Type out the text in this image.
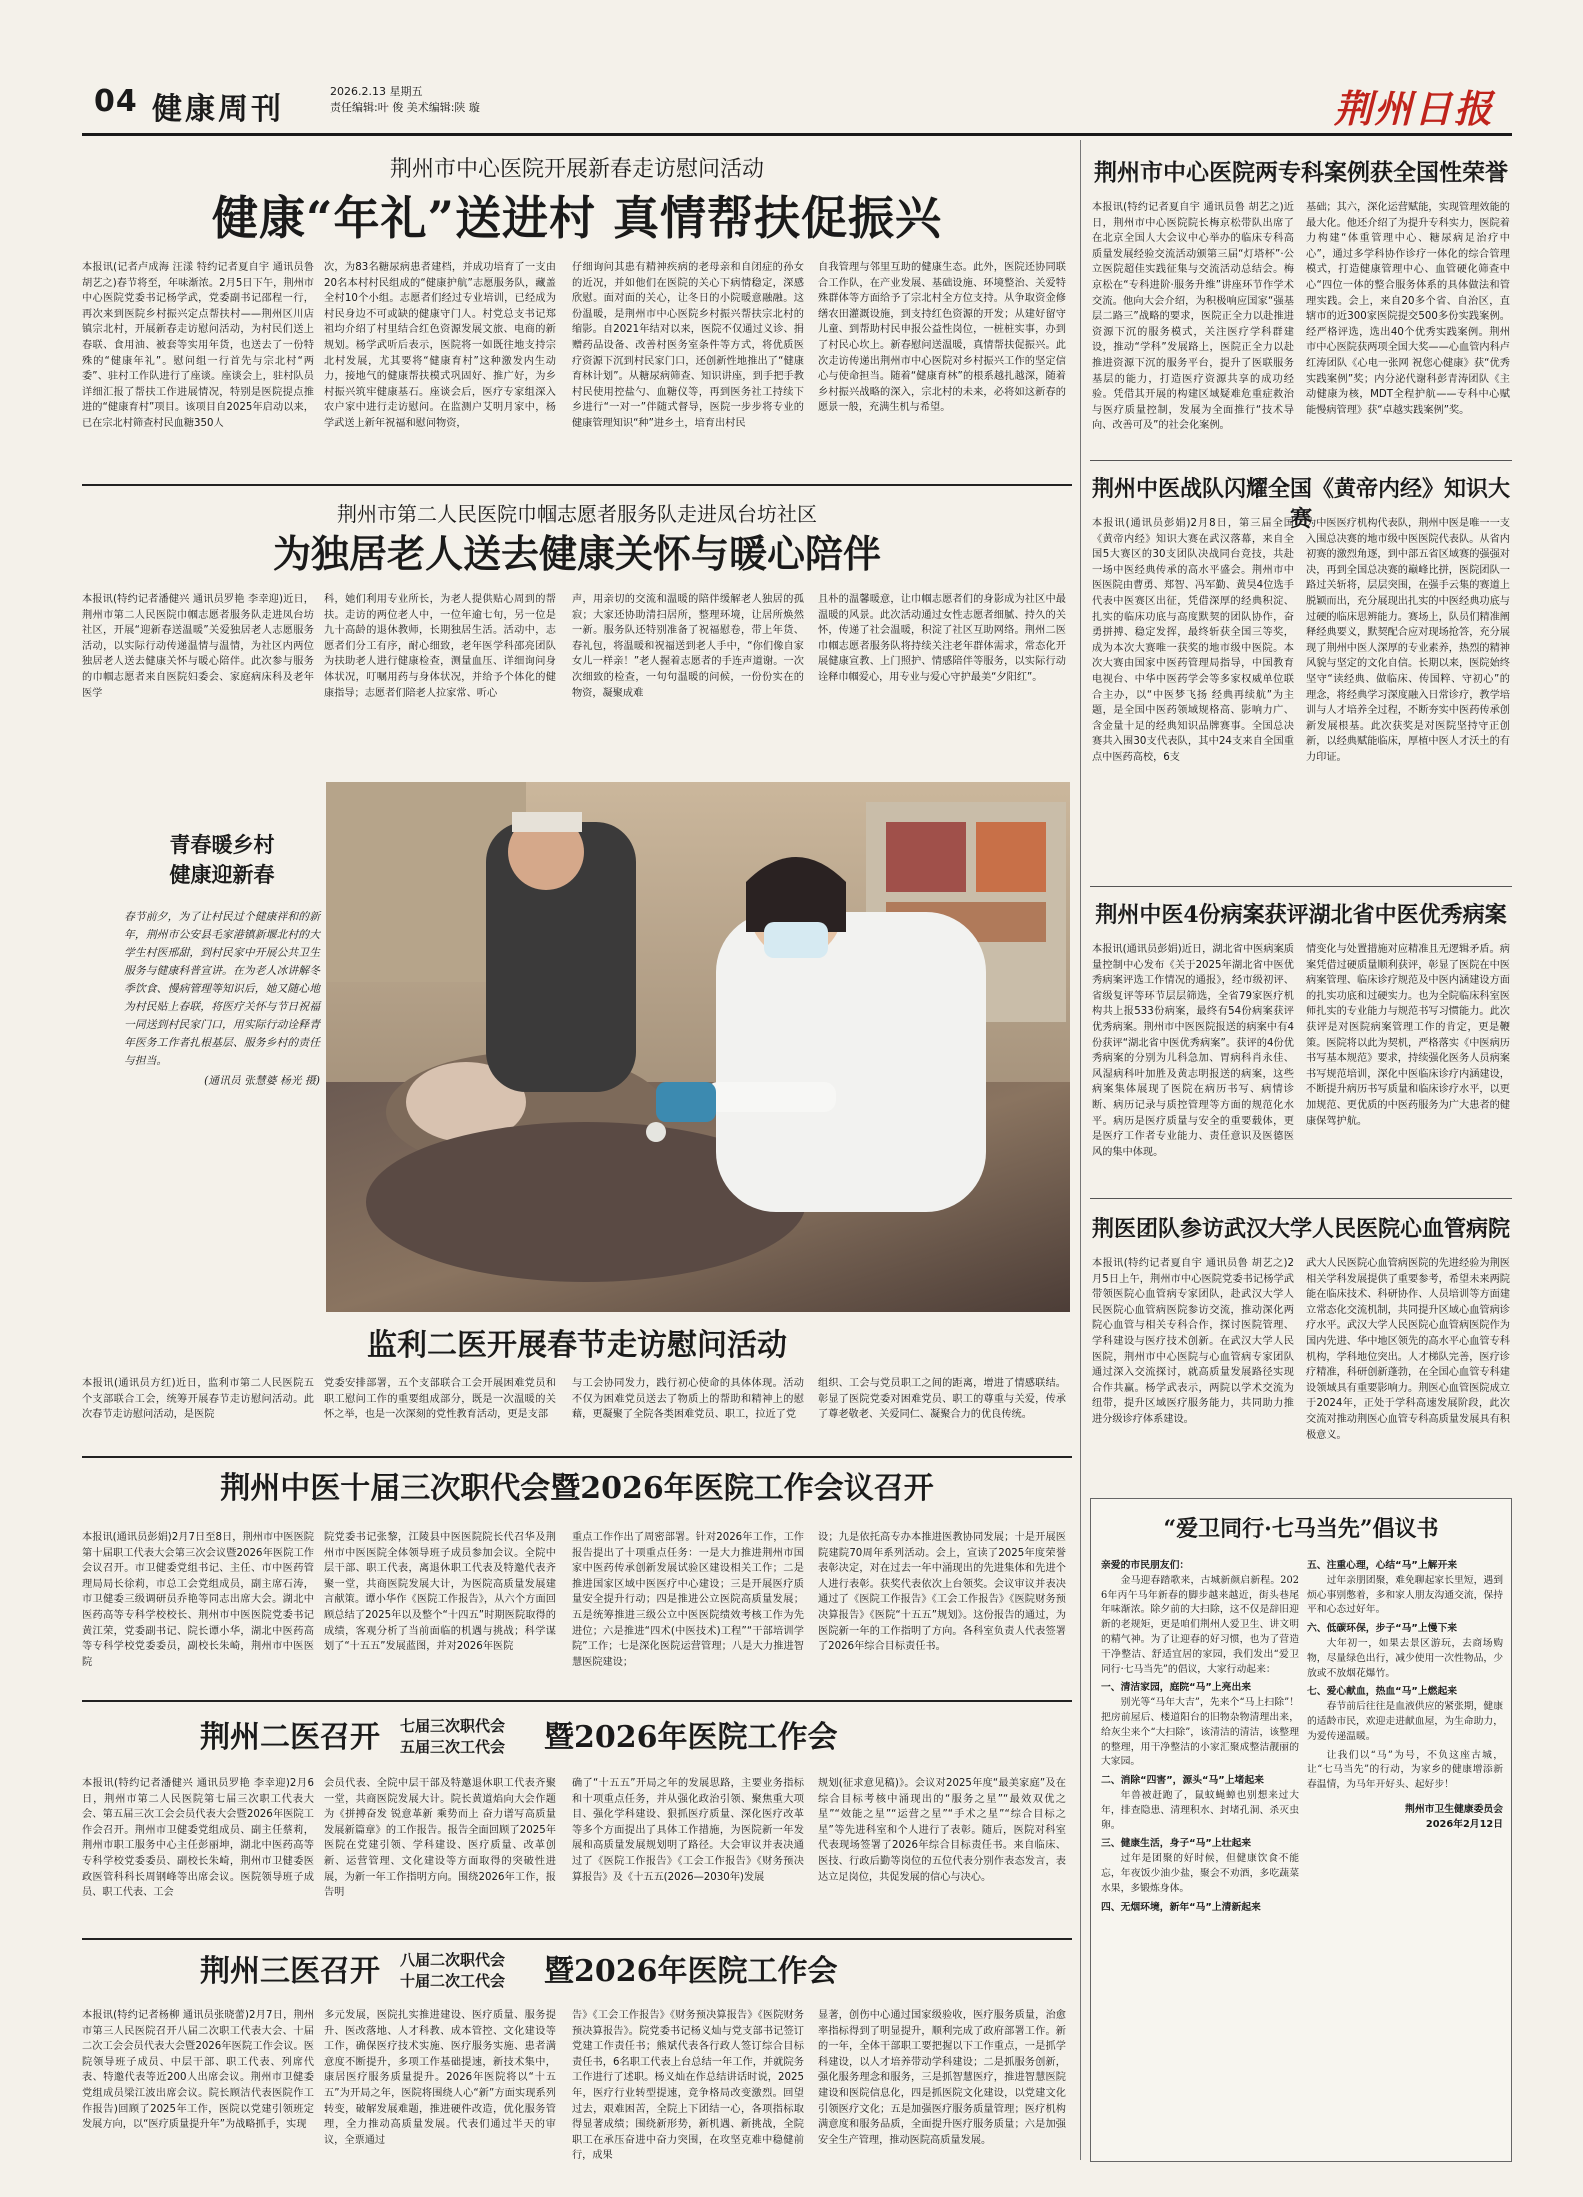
04 健康周刊
2026.2.13 星期五
责任编辑:叶 俊 美术编辑:陕 璇	荆州日报
荆州市中心医院开展新春走访慰问活动
健康“年礼”送进村 真情帮扶促振兴
本报讯(记者卢成海 汪漾 特约记者夏自宇 通讯员鲁 胡艺之)春节将至，年味渐浓。2月5日下午，荆州市中心医院党委书记杨学武，党委副书记邵程一行，再次来到医院乡村振兴定点帮扶村——荆州区川店镇宗北村，开展新春走访慰问活动，为村民们送上春联、食用油、被套等实用年货，也送去了一份特殊的“健康年礼”。慰问组一行首先与宗北村“两委”、驻村工作队进行了座谈。座谈会上，驻村队员详细汇报了帮扶工作进展情况，特别是医院提点推进的“健康育村”项目。该项目自2025年启动以来，已在宗北村筛查村民血糖350人
次，为83名糖尿病患者建档，并成功培育了一支由20名本村村民组成的“健康护航”志愿服务队，藏盖全村10个小组。志愿者们经过专业培训，已经成为村民身边不可或缺的健康守门人。村党总支书记郑祖均介绍了村里结合红色资源发展文旅、电商的新规划。杨学武听后表示，医院将一如既往地支持宗北村发展，尤其要将“健康育村”这种激发内生动力，接地气的健康帮扶模式巩固好、推广好，为乡村振兴筑牢健康基石。座谈会后，医疗专家组深入农户家中进行走访慰问。在监测户艾明月家中，杨学武送上新年祝福和慰问物资，
仔细询问其患有精神疾病的老母亲和自闭症的孙女的近况，并如他们在医院的关心下病情稳定，深感欣慰。面对面的关心，让冬日的小院暖意融融。这份温暖，是荆州市中心医院乡村振兴帮扶宗北村的缩影。自2021年结对以来，医院不仅通过义诊、捐赠药品设备、改善村医务室条件等方式，将优质医疗资源下沉到村民家门口，还创新性地推出了“健康育林计划”。从糖尿病筛查、知识讲座，到手把手教村民使用控盐勺、血糖仪等，再到医务社工持续下乡进行“一对一”伴随式督导，医院一步步将专业的健康管理知识“种”进乡土，培育出村民
自我管理与邻里互助的健康生态。此外，医院还协同联合工作队，在产业发展、基础设施、环境整治、关爱特殊群体等方面给予了宗北村全方位支持。从争取资金修缮农田灌溉设施，到支持红色资源的开发；从建好留守儿童、到帮助村民申报公益性岗位，一桩桩实事，办到了村民心坎上。新春慰问送温暖，真情帮扶促振兴。此次走访传递出荆州市中心医院对乡村振兴工作的坚定信心与使命担当。随着“健康育林”的根系越扎越深，随着乡村振兴战略的深入，宗北村的未来，必将如这新春的愿景一般，充满生机与希望。
荆州市第二人民医院巾帼志愿者服务队走进凤台坊社区
为独居老人送去健康关怀与暖心陪伴
本报讯(特约记者潘健兴 通讯员罗艳 李幸迎)近日，荆州市第二人民医院巾帼志愿者服务队走进凤台坊社区，开展“迎新春送温暖”关爱独居老人志愿服务活动，以实际行动传递温情与温情，为社区内两位独居老人送去健康关怀与暖心陪伴。此次参与服务的巾帼志愿者来自医院妇委会、家庭病床科及老年医学
科，她们利用专业所长，为老人提供贴心周到的帮扶。走访的两位老人中，一位年逾七旬，另一位是九十高龄的退休教师，长期独居生活。活动中，志愿者们分工有序，耐心细致，老年医学科邵亮团队为扶助老人进行健康检查，测量血压、详细询问身体状况，叮嘱用药与身体状况，并给予个体化的健康指导；志愿者们陪老人拉家常、听心
声，用亲切的交流和温暖的陪伴缓解老人独居的孤寂；大家还协助清扫居所，整理环境，让居所焕然一新。服务队还特别准备了祝福慰卷，带上年货、春礼包，将温暖和祝福送到老人手中，“你们像自家女儿一样亲！”老人握着志愿者的手连声道谢。一次次细致的检查，一句句温暖的问候，一份份实在的物资，凝聚成难
且朴的温馨暖意，让巾帼志愿者们的身影成为社区中最温暖的风景。此次活动通过女性志愿者细腻、持久的关怀，传递了社会温暖，积淀了社区互助网络。荆州二医巾帼志愿者服务队将持续关注老年群体需求，常态化开展健康宣教、上门照护、情感陪伴等服务，以实际行动诠释巾帼爱心，用专业与爱心守护最美“夕阳红”。
青春暖乡村
健康迎新春
春节前夕，为了让村民过个健康祥和的新年，荆州市公安县毛家港镇新堰北村的大学生村医邢甜，到村民家中开展公共卫生服务与健康科普宣讲。在为老人冰讲解冬季饮食、慢病管理等知识后，她又随心地为村民贴上春联，将医疗关怀与节日祝福一同送到村民家门口，用实际行动诠释青年医务工作者扎根基层、服务乡村的责任与担当。
(通讯员 张慧婆 杨光 摄)
监利二医开展春节走访慰问活动
本报讯(通讯员方红)近日，监利市第二人民医院五个支部联合工会，统筹开展春节走访慰问活动。此次春节走访慰问活动，是医院
党委安排部署，五个支部联合工会开展困难党员和职工慰问工作的重要组成部分，既是一次温暖的关怀之举，也是一次深刻的党性教育活动，更是支部
与工会协同发力，践行初心使命的具体体现。活动不仅为困难党员送去了物质上的帮助和精神上的慰藉，更凝聚了全院各类困难党员、职工，拉近了党
组织、工会与党员职工之间的距离，增进了情感联结。彰显了医院党委对困难党员、职工的尊重与关爱，传承了尊老敬老、关爱同仁、凝聚合力的优良传统。
荆州中医十届三次职代会暨2026年医院工作会议召开
本报讯(通讯员彭娟)2月7日至8日，荆州市中医医院第十届职工代表大会第三次会议暨2026年医院工作会议召开。市卫健委党组书记、主任、市中医药管理局局长徐莉，市总工会党组成员，副主席石涛，市卫健委三级调研员乔艳等同志出席大会。湖北中医药高等专科学校校长、荆州市中医医院党委书记黄江荣，党委副书记、院长谭小华，湖北中医药高等专科学校党委委员，副校长朱崎，荆州市中医医院
院党委书记张黎，江陵县中医医院院长代召华及荆州市中医医院全体领导班子成员参加会议。全院中层干部、职工代表，离退休职工代表及特邀代表齐聚一堂，共商医院发展大计，为医院高质量发展建言献策。谭小华作《医院工作报告》，从六个方面回顾总结了2025年以及整个“十四五”时期医院取得的成绩，客观分析了当前面临的机遇与挑战；科学谋划了“十五五”发展蓝图，并对2026年医院
重点工作作出了周密部署。针对2026年工作，工作报告提出了十项重点任务：一是大力推进荆州市国家中医药传承创新发展试验区建设相关工作；二是推进国家区域中医医疗中心建设；三是开展医疗质量安全提升行动；四是推进公立医院高质量发展；五是统筹推进三级公立中医医院绩效考核工作为先进位；六是推进“四术(中医技术)工程”“干部培训学院”工作；七是深化医院运营管理；八是大力推进智慧医院建设；
设；九是依托高专办本推进医教协同发展；十是开展医院建院70周年系列活动。会上，宣读了2025年度荣誉表彰决定，对在过去一年中涌现出的先进集体和先进个人进行表彰。获奖代表依次上台领奖。会议审议并表决通过了《医院工作报告》《工会工作报告》《医院财务预决算报告》《医院“十五五”规划》。这份报告的通过，为医院新一年的工作指明了方向。各科室负责人代表签署了2026年综合目标责任书。
荆州二医召开 七届三次职代会
五届三次工代会 暨2026年医院工作会
本报讯(特约记者潘健兴 通讯员罗艳 李幸迎)2月6日，荆州市第二人民医院第七届三次职工代表大会、第五届三次工会会员代表大会暨2026年医院工作会召开。荆州市卫健委党组成员、副主任蔡莉，荆州市职工服务中心主任彭丽坤，湖北中医药高等专科学校党委委员、副校长朱崎，荆州市卫健委医政医管科科长周钢峰等出席会议。医院领导班子成员、职工代表、工会
会员代表、全院中层干部及特邀退休职工代表齐聚一堂，共商医院发展大计。院长黄道焰向大会作题为《拼搏奋发 锐意革新 乘势而上 奋力谱写高质量发展新篇章》的工作报告。报告全面回顾了2025年医院在党建引领、学科建设、医疗质量、改革创新、运营管理、文化建设等方面取得的突破性进展，为新一年工作指明方向。围绕2026年工作，报告明
确了“十五五”开局之年的发展思路，主要业务指标和十项重点任务，并从强化政治引领、聚焦重大项目、强化学科建设、狠抓医疗质量、深化医疗改革等多个方面提出了具体工作措施，为医院新一年发展和高质量发展规划明了路径。大会审议并表决通过了《医院工作报告》《工会工作报告》《财务预决算报告》及《十五五(2026—2030年)发展
规划(征求意见稿)》。会议对2025年度“最美家庭”及在综合目标考核中涌现出的“服务之星”“最效双优之星”“效能之星”“运营之星”“手术之星”“综合目标之星”等先进科室和个人进行了表彰。随后，医院对科室代表现场签署了2026年综合目标责任书。来自临床、医技、行政后勤等岗位的五位代表分别作表态发言，表达立足岗位，共促发展的信心与决心。
荆州三医召开 八届二次职代会
十届二次工代会 暨2026年医院工作会
本报讯(特约记者杨柳 通讯员张晓蕾)2月7日，荆州市第三人民医院召开八届二次职工代表大会、十届二次工会会员代表大会暨2026年医院工作会议。医院领导班子成员、中层干部、职工代表、列席代表、特邀代表等近200人出席会议。荆州市卫健委党组成员梁江波出席会议。院长顾洁代表医院作工作报告)回顾了2025年工作，医院以党建引领班定发展方向，以“医疗质量提升年”为战略抓手，实现
多元发展，医院扎实推进建设、医疗质量、服务提升、医改落地、人才科教、成本管控、文化建设等工作，确保医疗技术实施、医疗服务实施、患者满意度不断提升，多项工作基础提速，新技术集中，康居医疗服务质量提升。2026年医院将以“十五五”为开局之年，医院将围绕人心“新”方面实现系列转变，破解发展难题，推进硬件改造，优化服务管理，全力推动高质量发展。代表们通过半天的审议，全票通过
告》《工会工作报告》《财务预决算报告》《医院财务预决算报告》。院党委书记杨义灿与党支部书记签订党建工作责任书；熊斌代表各行政人签订综合目标责任书，6名职工代表上台总结一年工作，并就院务工作进行了述职。杨义灿在作总结讲话时说，2025年，医疗行业转型提速，竞争格局改变激烈。回望过去，艰难困苦，全院上下团结一心，各项指标取得显著成绩；围绕新形势，新机遇、新挑战，全院职工在承压奋进中奋力突围，在攻坚克难中稳健前行，成果
显著，创伤中心通过国家级验收，医疗服务质量，治愈率指标得到了明显提升，顺利完成了政府部署工作。新的一年，全体干部职工要把握以下工作重点，一是抓学科建设，以人才培养带动学科建设；二是抓服务创新，强化服务理念和服务，三是抓智慧医疗，推进智慧医院建设和医院信息化，四是抓医院文化建设，以党建文化引领医疗文化；五是加强医疗服务质量管理；医疗机构满意度和服务品质，全面提升医疗服务质量；六是加强安全生产管理，推动医院高质量发展。
荆州市中心医院两专科案例获全国性荣誉
本报讯(特约记者夏自宇 通讯员鲁 胡艺之)近日，荆州市中心医院院长梅京松带队出席了在北京全国人大会议中心举办的临床专科高质量发展经验交流活动颁第三届“灯塔杯”·公立医院超佳实践征集与交流活动总结会。梅京松在“专科进阶·服务升维”讲座环节作学术交流。他向大会介绍，为积极响应国家“强基层二路三”战略的要求，医院正全力以赴推进资源下沉的服务模式，关注医疗学科群建设，推动“学科”发展路上，医院正全力以赴推进资源下沉的服务平台，提升了医联服务基层的能力，打造医疗资源共享的成功经验。凭借其开展的构建区域疑难危重症救治与医疗质量控制，发展为全面推行“技术导向、改善可及”的社会化案例。
基础；其六，深化运营赋能，实现管理效能的最大化。他还介绍了为提升专科实力，医院着力构建“体重管理中心、糖尿病足治疗中心”，通过多学科协作诊疗一体化的综合管理模式，打造健康管理中心、血管硬化筛查中心“四位一体的整合服务体系的具体做法和管理实践。会上，来自20多个省、自治区，直辖市的近300家医院提交500多份实践案例。经严格评选，选出40个优秀实践案例。荆州市中心医院获两项全国大奖——心血管内科卢红涛团队《心电一张网 祝您心健康》获“优秀实践案例”奖；内分泌代谢科彭青涛团队《主动健康为核，MDT全程护航——专科中心赋能慢病管理》获“卓越实践案例”奖。
荆州中医战队闪耀全国《黄帝内经》知识大赛
本报讯(通讯员彭娟)2月8日，第三届全国《黄帝内经》知识大赛在武汉落幕，来自全国5大赛区的30支团队决战同台竞技，共赴一场中医经典传承的高水平盛会。荆州市中医医院由曹勇、郑智、冯军勤、黄昊4位选手代表中医赛区出征，凭借深厚的经典积淀、扎实的临床功底与高度默契的团队协作，奋勇拼搏、稳定发挥，最终斩获全国三等奖，成为本次大赛唯一获奖的地市级中医院。本次大赛由国家中医药管理局指导，中国教育电视台、中华中医药学会等多家权威单位联合主办，以“中医梦飞扬 经典再续航”为主题，是全国中医药领域规格高、影响力广、含金量十足的经典知识品牌赛事。全国总决赛共入围30支代表队，其中24支来自全国重点中医药高校，6支
为中医医疗机构代表队，荆州中医是唯一一支入围总决赛的地市级中医医院代表队。从省内初赛的激烈角逐，到中部五省区域赛的强强对决，再到全国总决赛的巅峰比拼，医院团队一路过关斩将，层层突围，在强手云集的赛道上脱颖而出，充分展现出扎实的中医经典功底与过硬的临床思辨能力。赛场上，队员们精准阐释经典要义，默契配合应对现场抢答，充分展现了荆州中医人深厚的专业素养，热烈的精神风貌与坚定的文化自信。长期以来，医院始终坚守“读经典、做临床、传国粹、守初心”的理念，将经典学习深度融入日常诊疗，教学培训与人才培养全过程，不断夯实中医药传承创新发展根基。此次获奖是对医院坚持守正创新，以经典赋能临床，厚植中医人才沃土的有力印证。
荆州中医4份病案获评湖北省中医优秀病案
本报讯(通讯员彭娟)近日，湖北省中医病案质量控制中心发布《关于2025年湖北省中医优秀病案评选工作情况的通报》，经市级初评、省级复评等环节层层筛选，全省79家医疗机构共上报533份病案，最终有54份病案获评优秀病案。荆州市中医医院报送的病案中有4份获评“湖北省中医优秀病案”。获评的4份优秀病案的分别为儿科急加、胃病科肖永佳、风湿病科叶加胜及黄志明报送的病案，这些病案集体展现了医院在病历书写、病情诊断、病历记录与质控管理等方面的规范化水平。病历是医疗质量与安全的重要载体，更是医疗工作者专业能力、责任意识及医德医风的集中体现。
情变化与处置措施对应精准且无逻辑矛盾。病案凭借过硬质量顺利获评，彰显了医院在中医病案管理、临床诊疗规范及中医内涵建设方面的扎实功底和过硬实力。也为全院临床科室医师扎实的专业能力与规范书写习惯能力。此次获评是对医院病案管理工作的肯定，更是鞭策。医院将以此为契机，严格落实《中医病历书写基本规范》要求，持续强化医务人员病案书写规范培训，深化中医临床诊疗内涵建设，不断提升病历书写质量和临床诊疗水平，以更加规范、更优质的中医药服务为广大患者的健康保驾护航。
荆医团队参访武汉大学人民医院心血管病院
本报讯(特约记者夏自宇 通讯员鲁 胡艺之)2月5日上午，荆州市中心医院党委书记杨学武带领医院心血管病专家团队，赴武汉大学人民医院心血管病医院参访交流，推动深化两院心血管与相关专科合作，探讨医院管理、学科建设与医疗技术创新。在武汉大学人民医院，荆州市中心医院与心血管病专家团队通过深入交流探讨，就高质量发展路径实现合作共赢。杨学武表示，两院以学术交流为纽带，提升区域医疗服务能力，共同助力推进分级诊疗体系建设。
武大人民医院心血管病医院的先进经验为荆医相关学科发展提供了重要参考，希望未来两院能在临床技术、科研协作、人员培训等方面建立常态化交流机制，共同提升区域心血管病诊疗水平。武汉大学人民医院心血管病医院作为国内先进、华中地区领先的高水平心血管专科机构，学科地位突出。人才梯队完善，医疗诊疗精准，科研创新蓬勃，在全国心血管专科建设领域具有重要影响力。荆医心血管医院成立于2024年，正处于学科高速发展阶段，此次交流对推动荆医心血管专科高质量发展具有积极意义。
“爱卫同行·七马当先”倡议书
亲爱的市民朋友们：
金马迎春踏歌来，古城新颜启新程。2026年丙午马年新春的脚步越来越近，街头巷尾年味渐浓。除夕前的大扫除，这不仅是辞旧迎新的老规矩，更是咱们荆州人爱卫生、讲文明的精气神。为了让迎春的好习惯，也为了营造干净整洁、舒适宜居的家园，我们发出“爱卫同行·七马当先”的倡议，大家行动起来：
一、清洁家园，庭院“马”上亮出来
别光等“马年大吉”，先来个“马上扫除”！把房前屋后、楼道阳台的旧物杂物清理出来，给灰尘来个“大扫除”，该清洁的清洁，该整理的整理，用干净整洁的小家汇聚成整洁靓丽的大家园。
二、消除“四害”，源头“马”上堵起来
年兽被赶跑了，鼠蚊蝇蟑也别想来过大年，排查隐患、清理积水、封堵孔洞、杀灭虫卵。
三、健康生活，身子“马”上壮起来
过年是团聚的好时候，但健康饮食不能忘，年夜饭少油少盐，聚会不劝酒，多吃蔬菜水果，多锻炼身体。
四、无烟环境，新年“马”上清新起来
五、注重心理，心结“马”上解开来
过年亲朋团聚，难免聊起家长里短，遇到烦心事别憋着，多和家人朋友沟通交流，保持平和心态过好年。
六、低碳环保，步子“马”上慢下来
大年初一，如果去景区游玩，去商场购物，尽量绿色出行，减少使用一次性物品，少放或不放烟花爆竹。
七、爱心献血，热血“马”上燃起来
春节前后往往是血液供应的紧张期，健康的适龄市民，欢迎走进献血屋，为生命助力，为爱传递温暖。
让我们以“马”为号，不负这座古城，让“七马当先”的行动，为家乡的健康增添新春温情，为马年开好头、起好步！
荆州市卫生健康委员会
2026年2月12日
